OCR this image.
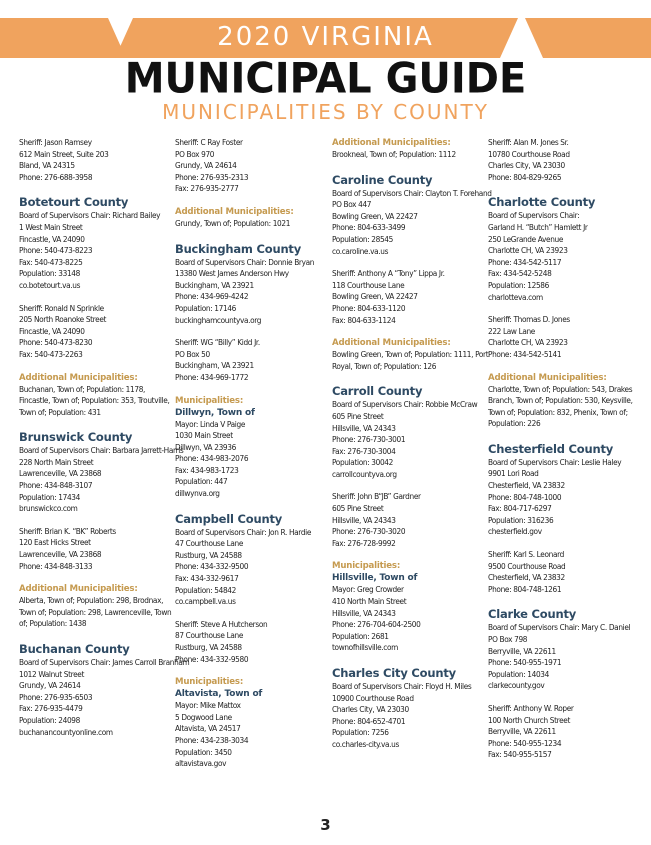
2020 VIRGINIA
MUNICIPAL GUIDE
MUNICIPALITIES BY COUNTY
Sheriff: Jason Ramsey
612 Main Street, Suite 203
Bland, VA 24315
Phone: 276-688-3958
Botetourt County
Board of Supervisors Chair: Richard Bailey
1 West Main Street
Fincastle, VA 24090
Phone: 540-473-8223
Fax: 540-473-8225
Population: 33148
co.botetourt.va.us
Sheriff: Ronald N Sprinkle
205 North Roanoke Street
Fincastle, VA 24090
Phone: 540-473-8230
Fax: 540-473-2263
Additional Municipalities:
Buchanan, Town of; Population: 1178,
Fincastle, Town of; Population: 353, Troutville,
Town of; Population: 431
Brunswick County
Board of Supervisors Chair: Barbara Jarrett-Harris
228 North Main Street
Lawrenceville, VA 23868
Phone: 434-848-3107
Population: 17434
brunswickco.com
Sheriff: Brian K. “BK” Roberts
120 East Hicks Street
Lawrenceville, VA 23868
Phone: 434-848-3133
Additional Municipalities:
Alberta, Town of; Population: 298, Brodnax,
Town of; Population: 298, Lawrenceville, Town
of; Population: 1438
Buchanan County
Board of Supervisors Chair: James Carroll Branham
1012 Walnut Street
Grundy, VA 24614
Phone: 276-935-6503
Fax: 276-935-4479
Population: 24098
buchanancountyonline.com
Sheriff: C Ray Foster
PO Box 970
Grundy, VA 24614
Phone: 276-935-2313
Fax: 276-935-2777
Additional Municipalities:
Grundy, Town of; Population: 1021
Buckingham County
Board of Supervisors Chair: Donnie Bryan
13380 West James Anderson Hwy
Buckingham, VA 23921
Phone: 434-969-4242
Population: 17146
buckinghamcountyva.org
Sheriff: WG “Billy” Kidd Jr.
PO Box 50
Buckingham, VA 23921
Phone: 434-969-1772
Municipalities:
Dillwyn, Town of
Mayor: Linda V Paige
1030 Main Street
Dillwyn, VA 23936
Phone: 434-983-2076
Fax: 434-983-1723
Population: 447
dillwynva.org
Campbell County
Board of Supervisors Chair: Jon R. Hardie
47 Courthouse Lane
Rustburg, VA 24588
Phone: 434-332-9500
Fax: 434-332-9617
Population: 54842
co.campbell.va.us
Sheriff: Steve A Hutcherson
87 Courthouse Lane
Rustburg, VA 24588
Phone: 434-332-9580
Municipalities:
Altavista, Town of
Mayor: Mike Mattox
5 Dogwood Lane
Altavista, VA 24517
Phone: 434-238-3034
Population: 3450
altavistava.gov
Additional Municipalities:
Brookneal, Town of; Population: 1112
Caroline County
Board of Supervisors Chair: Clayton T. Forehand
PO Box 447
Bowling Green, VA 22427
Phone: 804-633-3499
Population: 28545
co.caroline.va.us
Sheriff: Anthony A “Tony” Lippa Jr.
118 Courthouse Lane
Bowling Green, VA 22427
Phone: 804-633-1120
Fax: 804-633-1124
Additional Municipalities:
Bowling Green, Town of; Population: 1111, Port
Royal, Town of; Population: 126
Carroll County
Board of Supervisors Chair: Robbie McCraw
605 Pine Street
Hillsville, VA 24343
Phone: 276-730-3001
Fax: 276-730-3004
Population: 30042
carrollcountyva.org
Sheriff: John B“JB” Gardner
605 Pine Street
Hillsville, VA 24343
Phone: 276-730-3020
Fax: 276-728-9992
Municipalities:
Hillsville, Town of
Mayor: Greg Crowder
410 North Main Street
Hillsville, VA 24343
Phone: 276-704-604-2500
Population: 2681
townofhillsville.com
Charles City County
Board of Supervisors Chair: Floyd H. Miles
10900 Courthouse Road
Charles City, VA 23030
Phone: 804-652-4701
Population: 7256
co.charles-city.va.us
Sheriff: Alan M. Jones Sr.
10780 Courthouse Road
Charles City, VA 23030
Phone: 804-829-9265
Charlotte County
Board of Supervisors Chair:
Garland H. “Butch” Hamlett Jr
250 LeGrande Avenue
Charlotte CH, VA 23923
Phone: 434-542-5117
Fax: 434-542-5248
Population: 12586
charlotteva.com
Sheriff: Thomas D. Jones
222 Law Lane
Charlotte CH, VA 23923
Phone: 434-542-5141
Additional Municipalities:
Charlotte, Town of; Population: 543, Drakes
Branch, Town of; Population: 530, Keysville,
Town of; Population: 832, Phenix, Town of;
Population: 226
Chesterfield County
Board of Supervisors Chair: Leslie Haley
9901 Lori Road
Chesterfield, VA 23832
Phone: 804-748-1000
Fax: 804-717-6297
Population: 316236
chesterfield.gov
Sheriff: Karl S. Leonard
9500 Courthouse Road
Chesterfield, VA 23832
Phone: 804-748-1261
Clarke County
Board of Supervisors Chair: Mary C. Daniel
PO Box 798
Berryville, VA 22611
Phone: 540-955-1971
Population: 14034
clarkecounty.gov
Sheriff: Anthony W. Roper
100 North Church Street
Berryville, VA 22611
Phone: 540-955-1234
Fax: 540-955-5157
3
